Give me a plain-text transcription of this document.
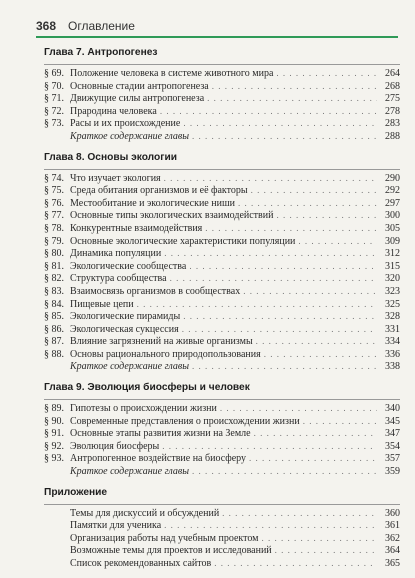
368 Оглавление
Глава 7. Антропогенез
§ 69. Положение человека в системе животного мира . . .	264
§ 70. Основные стадии антропогенеза . . .	268
§ 71. Движущие силы антропогенеза . . .	275
§ 72. Прародина человека . . .	278
§ 73. Расы и их происхождение . . .	283
Краткое содержание главы . . .	288
Глава 8. Основы экологии
§ 74. Что изучает экология . . .	290
§ 75. Среда обитания организмов и её факторы . . .	292
§ 76. Местообитание и экологические ниши . . .	297
§ 77. Основные типы экологических взаимодействий . . .	300
§ 78. Конкурентные взаимодействия . . .	305
§ 79. Основные экологические характеристики популяции . . .	309
§ 80. Динамика популяции . . .	312
§ 81. Экологические сообщества . . .	315
§ 82. Структура сообщества . . .	320
§ 83. Взаимосвязь организмов в сообществах . . .	323
§ 84. Пищевые цепи . . .	325
§ 85. Экологические пирамиды . . .	328
§ 86. Экологическая сукцессия . . .	331
§ 87. Влияние загрязнений на живые организмы . . .	334
§ 88. Основы рационального природопользования . . .	336
Краткое содержание главы . . .	338
Глава 9. Эволюция биосферы и человек
§ 89. Гипотезы о происхождении жизни . . .	340
§ 90. Современные представления о происхождении жизни . . .	345
§ 91. Основные этапы развития жизни на Земле . . .	347
§ 92. Эволюция биосферы . . .	354
§ 93. Антропогенное воздействие на биосферу . . .	357
Краткое содержание главы . . .	359
Приложение
Темы для дискуссий и обсуждений . . .	360
Памятки для ученика . . .	361
Организация работы над учебным проектом . . .	362
Возможные темы для проектов и исследований . . .	364
Список рекомендованных сайтов . . .	365
